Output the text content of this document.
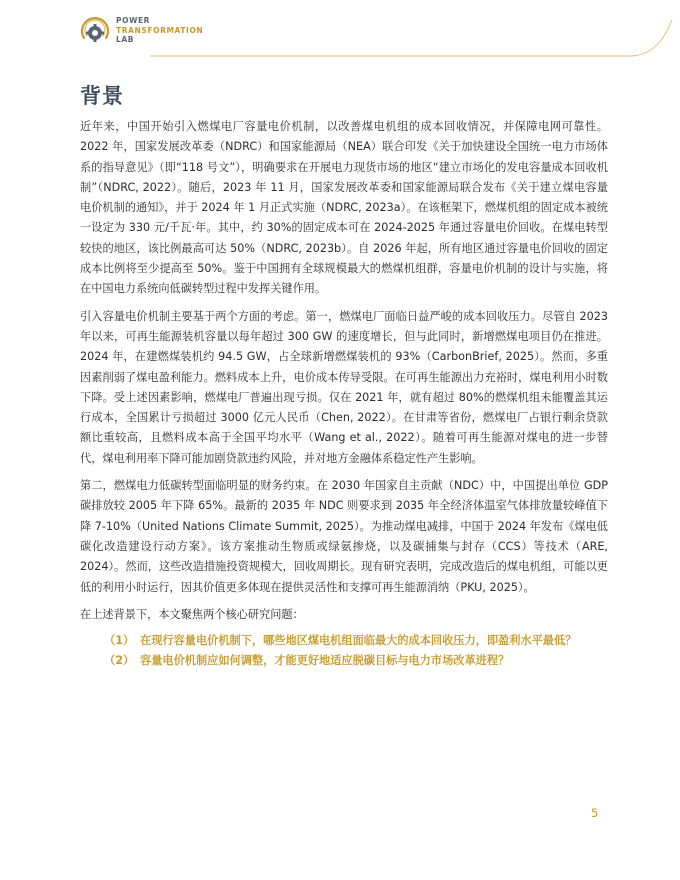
POWER
TRANSFORMATION
LAB
背景

近年来，中国开始引入燃煤电厂容量电价机制，以改善煤电机组的成本回收情况，并保障电网可靠性。2022 年，国家发展改革委（NDRC）和国家能源局（NEA）联合印发《关于加快建设全国统一电力市场体系的指导意见》（即“118 号文”），明确要求在开展电力现货市场的地区“建立市场化的发电容量成本回收机制”（NDRC, 2022）。随后，2023 年 11 月，国家发展改革委和国家能源局联合发布《关于建立煤电容量电价机制的通知》，并于 2024 年 1 月正式实施（NDRC, 2023a）。在该框架下，燃煤机组的固定成本被统一设定为 330 元/千瓦·年。其中，约 30%的固定成本可在 2024-2025 年通过容量电价回收。在煤电转型较快的地区，该比例最高可达 50%（NDRC, 2023b）。自 2026 年起，所有地区通过容量电价回收的固定成本比例将至少提高至 50%。鉴于中国拥有全球规模最大的燃煤机组群，容量电价机制的设计与实施，将在中国电力系统向低碳转型过程中发挥关键作用。

引入容量电价机制主要基于两个方面的考虑。第一，燃煤电厂面临日益严峻的成本回收压力。尽管自 2023 年以来，可再生能源装机容量以每年超过 300 GW 的速度增长，但与此同时，新增燃煤电项目仍在推进。2024 年，在建燃煤装机约 94.5 GW，占全球新增燃煤装机的 93%（CarbonBrief, 2025）。然而，多重因素削弱了煤电盈利能力。燃料成本上升，电价成本传导受限。在可再生能源出力充裕时，煤电利用小时数下降。受上述因素影响，燃煤电厂普遍出现亏损。仅在 2021 年，就有超过 80%的燃煤机组未能覆盖其运行成本，全国累计亏损超过 3000 亿元人民币（Chen, 2022）。在甘肃等省份，燃煤电厂占银行剩余贷款额比重较高，且燃料成本高于全国平均水平（Wang et al., 2022）。随着可再生能源对煤电的进一步替代，煤电利用率下降可能加剧贷款违约风险，并对地方金融体系稳定性产生影响。

第二，燃煤电力低碳转型面临明显的财务约束。在 2030 年国家自主贡献（NDC）中，中国提出单位 GDP 碳排放较 2005 年下降 65%。最新的 2035 年 NDC 则要求到 2035 年全经济体温室气体排放量较峰值下降 7-10%（United Nations Climate Summit, 2025）。为推动煤电减排，中国于 2024 年发布《煤电低碳化改造建设行动方案》。该方案推动生物质或绿氨掺烧，以及碳捕集与封存（CCS）等技术（ARE, 2024）。然而，这些改造措施投资规模大，回收周期长。现有研究表明，完成改造后的煤电机组，可能以更低的利用小时运行，因其价值更多体现在提供灵活性和支撑可再生能源消纳（PKU, 2025）。

在上述背景下，本文聚焦两个核心研究问题：

（1） 在现行容量电价机制下，哪些地区煤电机组面临最大的成本回收压力，即盈利水平最低？
（2） 容量电价机制应如何调整，才能更好地适应脱碳目标与电力市场改革进程？
5
